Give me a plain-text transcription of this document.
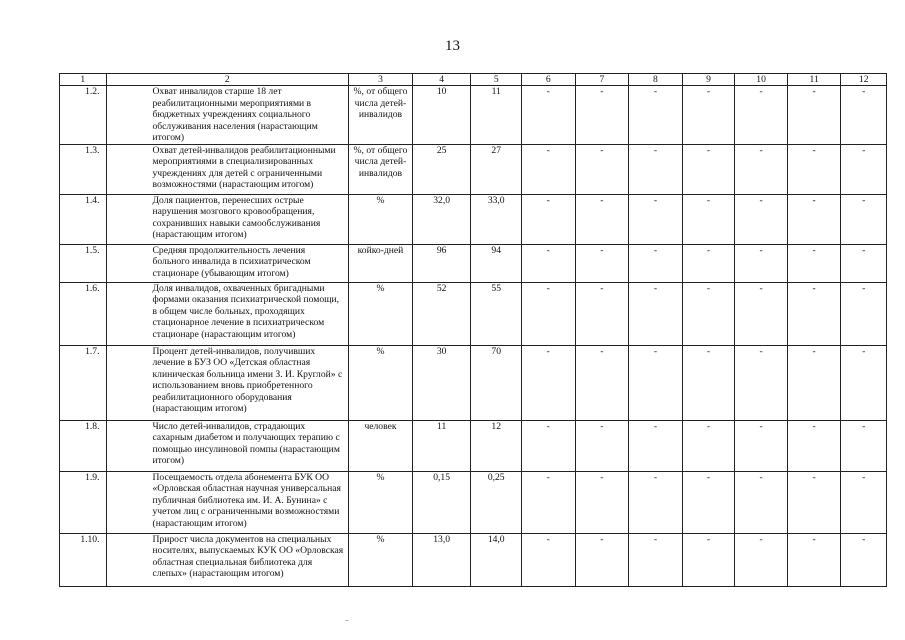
13
1	2	3	4	5	6	7	8	9	10	11	12
1.2.	Охват инвалидов старше 18 лет реабилитационными мероприятиями в бюджетных учреждениях социального обслуживания населения (нарастающим итогом)	%, от общего числа детей-инвалидов	10	11	-	-	-	-	-	-	-
1.3.	Охват детей-инвалидов реабилитационными мероприятиями в специализированных учреждениях для детей с ограниченными возможностями (нарастающим итогом)	%, от общего числа детей-инвалидов	25	27	-	-	-	-	-	-	-
1.4.	Доля пациентов, перенесших острые нарушения мозгового кровообращения, сохранивших навыки самообслуживания (нарастающим итогом)	%	32,0	33,0	-	-	-	-	-	-	-
1.5.	Средняя продолжительность лечения больного инвалида в психиатрическом стационаре (убывающим итогом)	койко-дней	96	94	-	-	-	-	-	-	-
1.6.	Доля инвалидов, охваченных бригадными формами оказания психиатрической помощи, в общем числе больных, проходящих стационарное лечение в психиатрическом стационаре (нарастающим итогом)	%	52	55	-	-	-	-	-	-	-
1.7.	Процент детей-инвалидов, получивших лечение в БУЗ ОО «Детская областная клиническая больница имени З. И. Круглой» с использованием вновь приобретенного реабилитационного оборудования (нарастающим итогом)	%	30	70	-	-	-	-	-	-	-
1.8.	Число детей-инвалидов, страдающих сахарным диабетом и получающих терапию с помощью инсулиновой помпы (нарастающим итогом)	человек	11	12	-	-	-	-	-	-	-
1.9.	Посещаемость отдела абонемента БУК ОО «Орловская областная научная универсальная публичная библиотека им. И. А. Бунина» с учетом лиц с ограниченными возможностями (нарастающим итогом)	%	0,15	0,25	-	-	-	-	-	-	-
1.10.	Прирост числа документов на специальных носителях, выпускаемых КУК ОО «Орловская областная специальная библиотека для слепых» (нарастающим итогом)	%	13,0	14,0	-	-	-	-	-	-	-
